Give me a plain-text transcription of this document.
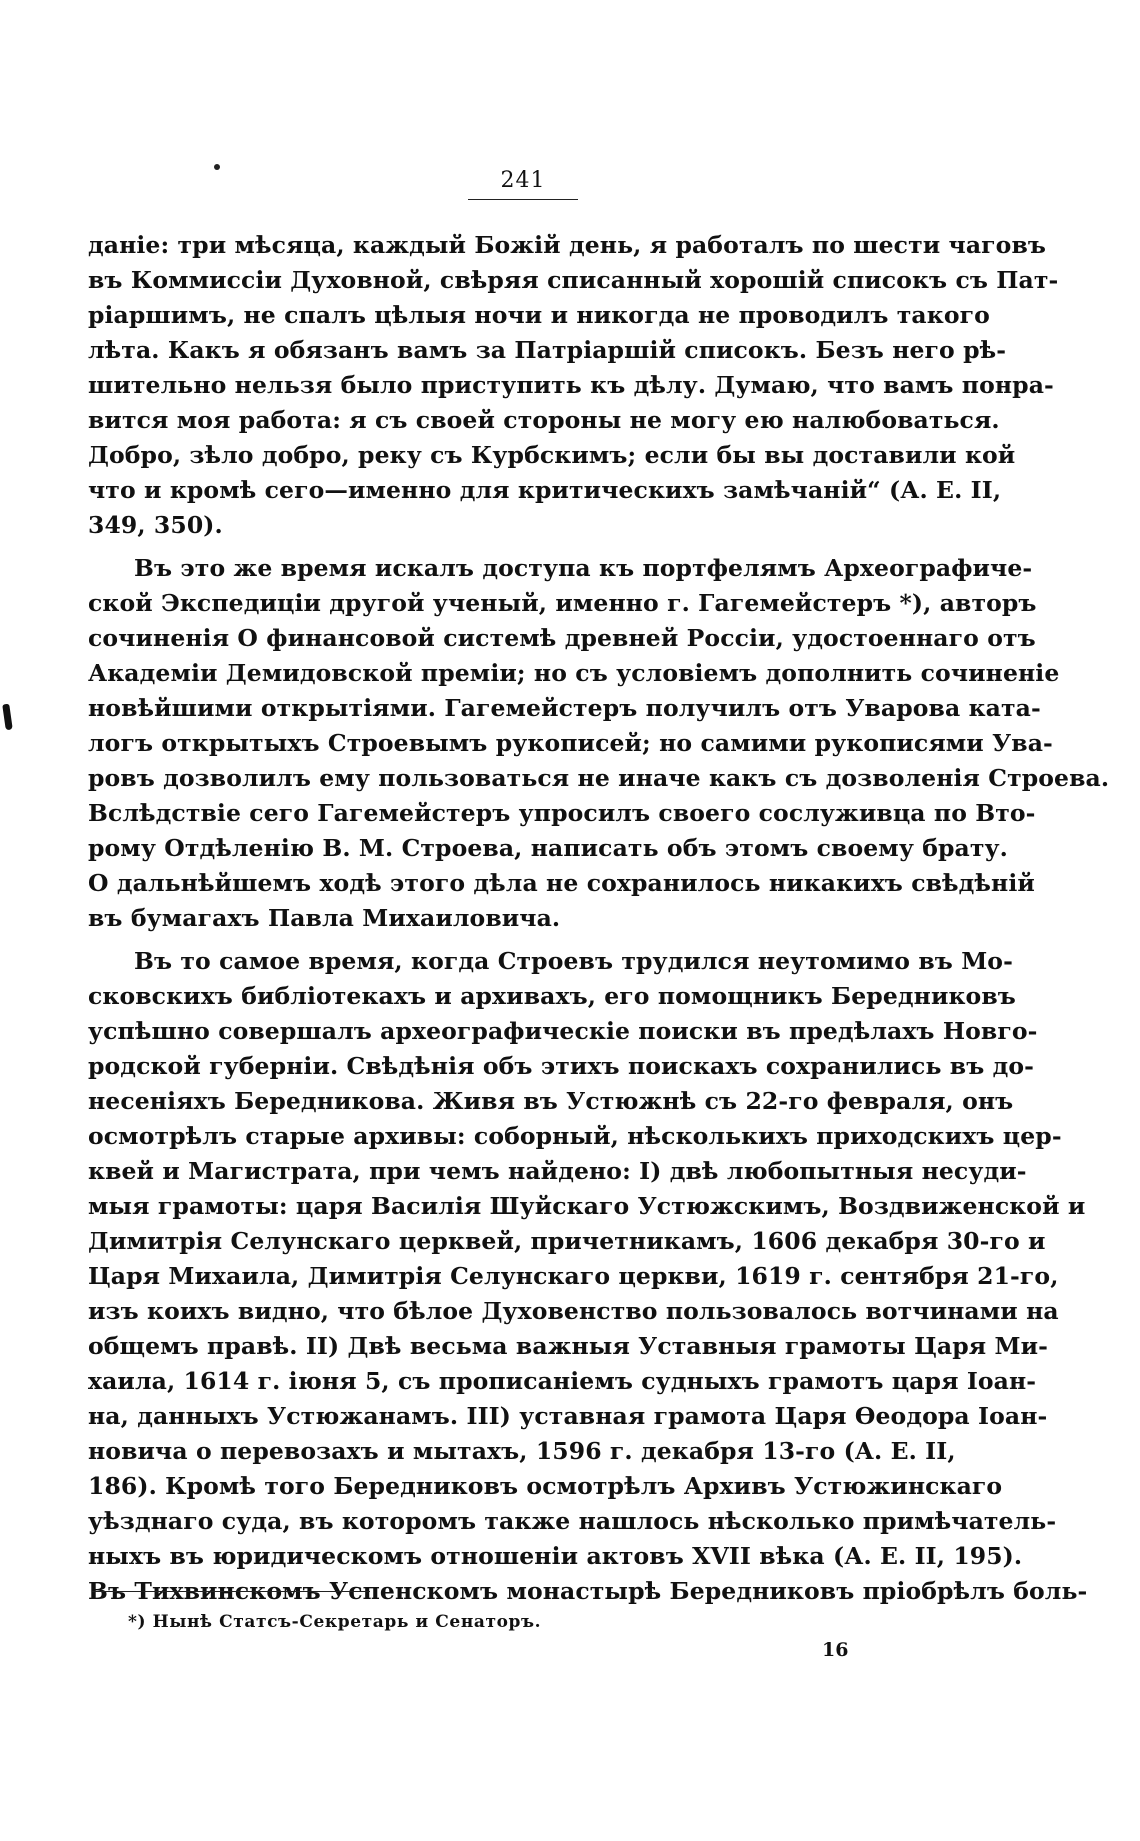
241
даніе: три мѣсяца, каждый Божій день, я работалъ по шести чаговъ
въ Коммиссіи Духовной, свѣряя списанный хорошій списокъ съ Пат-
ріаршимъ, не спалъ цѣлыя ночи и никогда не проводилъ такого
лѣта. Какъ я обязанъ вамъ за Патріаршій списокъ. Безъ него рѣ-
шительно нельзя было приступить къ дѣлу. Думаю, что вамъ понра-
вится моя работа: я съ своей стороны не могу ею налюбоваться.
Добро, зѣло добро, реку съ Курбскимъ; если бы вы доставили кой
что и кромѣ сего—именно для критическихъ замѣчаній“ (А. Е. II,
349, 350).
Въ это же время искалъ доступа къ портфелямъ Археографиче-
ской Экспедиціи другой ученый, именно г. Гагемейстеръ *), авторъ
сочиненія О финансовой системѣ древней Россіи, удостоеннаго отъ
Академіи Демидовской преміи; но съ условіемъ дополнить сочиненіе
новѣйшими открытіями. Гагемейстеръ получилъ отъ Уварова ката-
логъ открытыхъ Строевымъ рукописей; но самими рукописями Ува-
ровъ дозволилъ ему пользоваться не иначе какъ съ дозволенія Строева.
Вслѣдствіе сего Гагемейстеръ упросилъ своего сослуживца по Вто-
рому Отдѣленію В. М. Строева, написать объ этомъ своему брату.
О дальнѣйшемъ ходѣ этого дѣла не сохранилось никакихъ свѣдѣній
въ бумагахъ Павла Михаиловича.
Въ то самое время, когда Строевъ трудился неутомимо въ Мо-
сковскихъ библіотекахъ и архивахъ, его помощникъ Бередниковъ
успѣшно совершалъ археографическіе поиски въ предѣлахъ Новго-
родской губерніи. Свѣдѣнія объ этихъ поискахъ сохранились въ до-
несеніяхъ Бередникова. Живя въ Устюжнѣ съ 22-го февраля, онъ
осмотрѣлъ старые архивы: соборный, нѣсколькихъ приходскихъ цер-
квей и Магистрата, при чемъ найдено: I) двѣ любопытныя несуди-
мыя грамоты: царя Василія Шуйскаго Устюжскимъ, Воздвиженской и
Димитрія Селунскаго церквей, причетникамъ, 1606 декабря 30-го и
Царя Михаила, Димитрія Селунскаго церкви, 1619 г. сентября 21-го,
изъ коихъ видно, что бѣлое Духовенство пользовалось вотчинами на
общемъ правѣ. II) Двѣ весьма важныя Уставныя грамоты Царя Ми-
хаила, 1614 г. іюня 5, съ прописаніемъ судныхъ грамотъ царя Іоан-
на, данныхъ Устюжанамъ. III) уставная грамота Царя Өеодора Іоан-
новича о перевозахъ и мытахъ, 1596 г. декабря 13-го (А. Е. II,
186). Кромѣ того Бередниковъ осмотрѣлъ Архивъ Устюжинскаго
уѣзднаго суда, въ которомъ также нашлось нѣсколько примѣчатель-
ныхъ въ юридическомъ отношеніи актовъ XVII вѣка (А. Е. II, 195).
Въ Тихвинскомъ Успенскомъ монастырѣ Бередниковъ пріобрѣлъ боль-
*) Нынѣ Статсъ-Секретарь и Сенаторъ.
16
